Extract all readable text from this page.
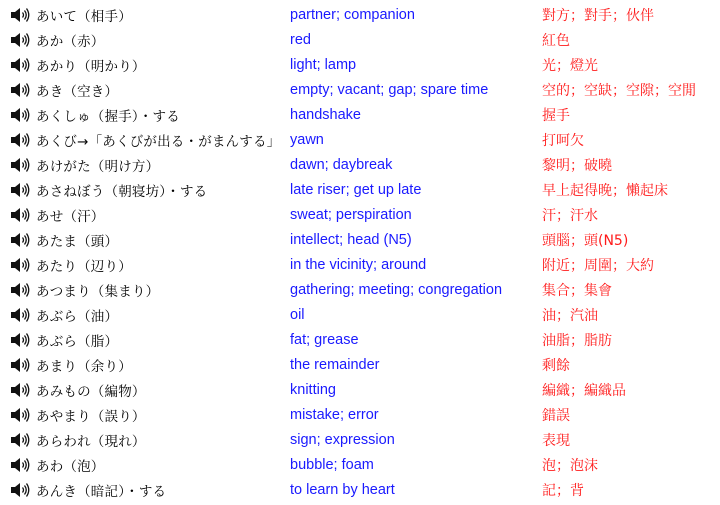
あいて（相手）	partner; companion	對方；對手；伙伴
あか（赤）	red	紅色
あかり（明かり）	light; lamp	光；燈光
あき（空き）	empty; vacant; gap; spare time	空的；空缺；空隙；空閒
あくしゅ（握手）・する	handshake	握手
あくび→「あくびが出る・がまんする」 yawn	打呵欠
あけがた（明け方）	dawn; daybreak	黎明；破曉
あさねぼう（朝寝坊）・する	late riser; get up late	早上起得晚；懶起床
あせ（汗）	sweat; perspiration	汗；汗水
あたま（頭）	intellect; head (N5)	頭腦；頭(N5)
あたり（辺り）	in the vicinity; around	附近；周圍；大約
あつまり（集まり）	gathering; meeting; congregation	集合；集會
あぶら（油）	oil	油；汽油
あぶら（脂）	fat; grease	油脂；脂肪
あまり（余り）	the remainder	剩餘
あみもの（編物）	knitting	編織；編織品
あやまり（誤り）	mistake; error	錯誤
あらわれ（現れ）	sign; expression	表現
あわ（泡）	bubble; foam	泡；泡沫
あんき（暗記）・する	to learn by heart	記；背
